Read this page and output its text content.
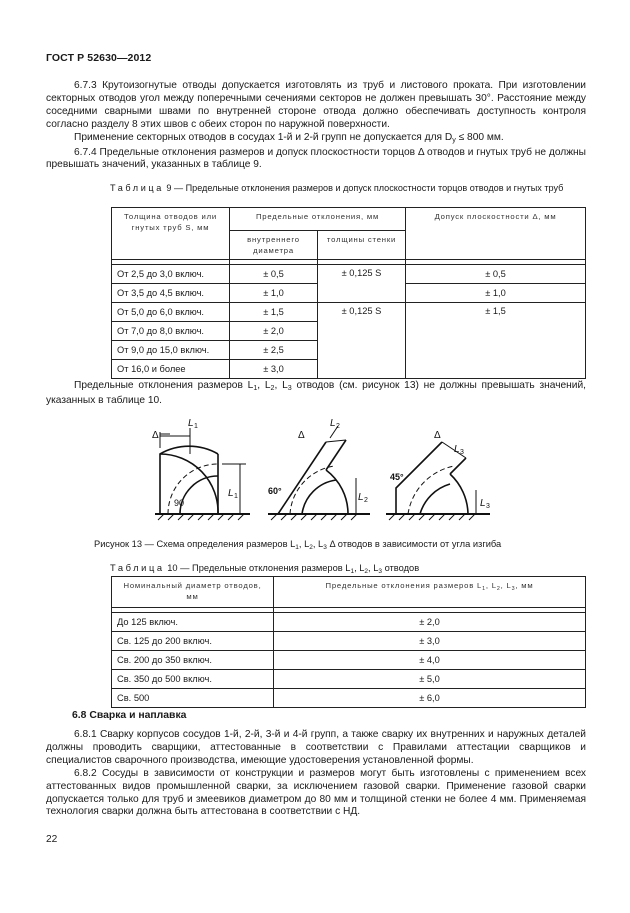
ГОСТ Р 52630—2012

6.7.3 Крутоизогнутые отводы допускается изготовлять из труб и листового проката. При изготовлении секторных отводов угол между поперечными сечениями секторов не должен превышать 30°. Расстояние между соседними сварными швами по внутренней стороне отвода должно обеспечивать доступность контроля согласно разделу 8 этих швов с обеих сторон по наружной поверхности.

Применение секторных отводов в сосудах 1-й и 2-й групп не допускается для $D_у \le 800$ мм.

6.7.4 Предельные отклонения размеров и допуск плоскостности торцов Δ отводов и гнутых труб не должны превышать значений, указанных в таблице 9.

Таблица 9 — Предельные отклонения размеров и допуск плоскостности торцов отводов и гнутых труб
Толщина отводов или гнутых труб S, мм	Предельные отклонения, мм		Допуск плоскостности Δ, мм
	внутреннего диаметра	толщины стенки	

От 2,5 до 3,0 включ.	± 0,5	± 0,125 S	± 0,5
От 3,5 до 4,5 включ.	± 1,0		± 1,0
От 5,0 до 6,0 включ.	± 1,5	± 0,125 S	± 1,5
От 7,0 до 8,0 включ.	± 2,0		
От 9,0 до 15,0 включ.	± 2,5		
От 16,0 и более	± 3,0		

Предельные отклонения размеров $L_1$, $L_2$, $L_3$ отводов (см. рисунок 13) не должны превышать значений, указанных в таблице 10.

Δ
L 1
L 1
90
Δ
L 2
L 2
60°
Δ
L 3
L 3
45°
Рисунок 13 — Схема определения размеров $L_1$, $L_2$, $L_3$ Δ отводов в зависимости от угла изгиба
Таблица 10 — Предельные отклонения размеров $L_1$, $L_2$, $L_3$ отводов
Номинальный диаметр отводов, мм	Предельные отклонения размеров $L_1$, $L_2$, $L_3$, мм

До 125 включ.	± 2,0
Св. 125 до 200 включ.	± 3,0
Св. 200 до 350 включ.	± 4,0
Св. 350 до 500 включ.	± 5,0
Св. 500	± 6,0
6.8 Сварка и наплавка

6.8.1 Сварку корпусов сосудов 1-й, 2-й, 3-й и 4-й групп, а также сварку их внутренних и наружных деталей должны проводить сварщики, аттестованные в соответствии с Правилами аттестации сварщиков и специалистов сварочного производства, имеющие удостоверения установленной формы.

6.8.2 Сосуды в зависимости от конструкции и размеров могут быть изготовлены с применением всех аттестованных видов промышленной сварки, за исключением газовой сварки. Применение газовой сварки допускается только для труб и змеевиков диаметром до 80 мм и толщиной стенки не более 4 мм. Применяемая технология сварки должна быть аттестована в соответствии с НД.

22
